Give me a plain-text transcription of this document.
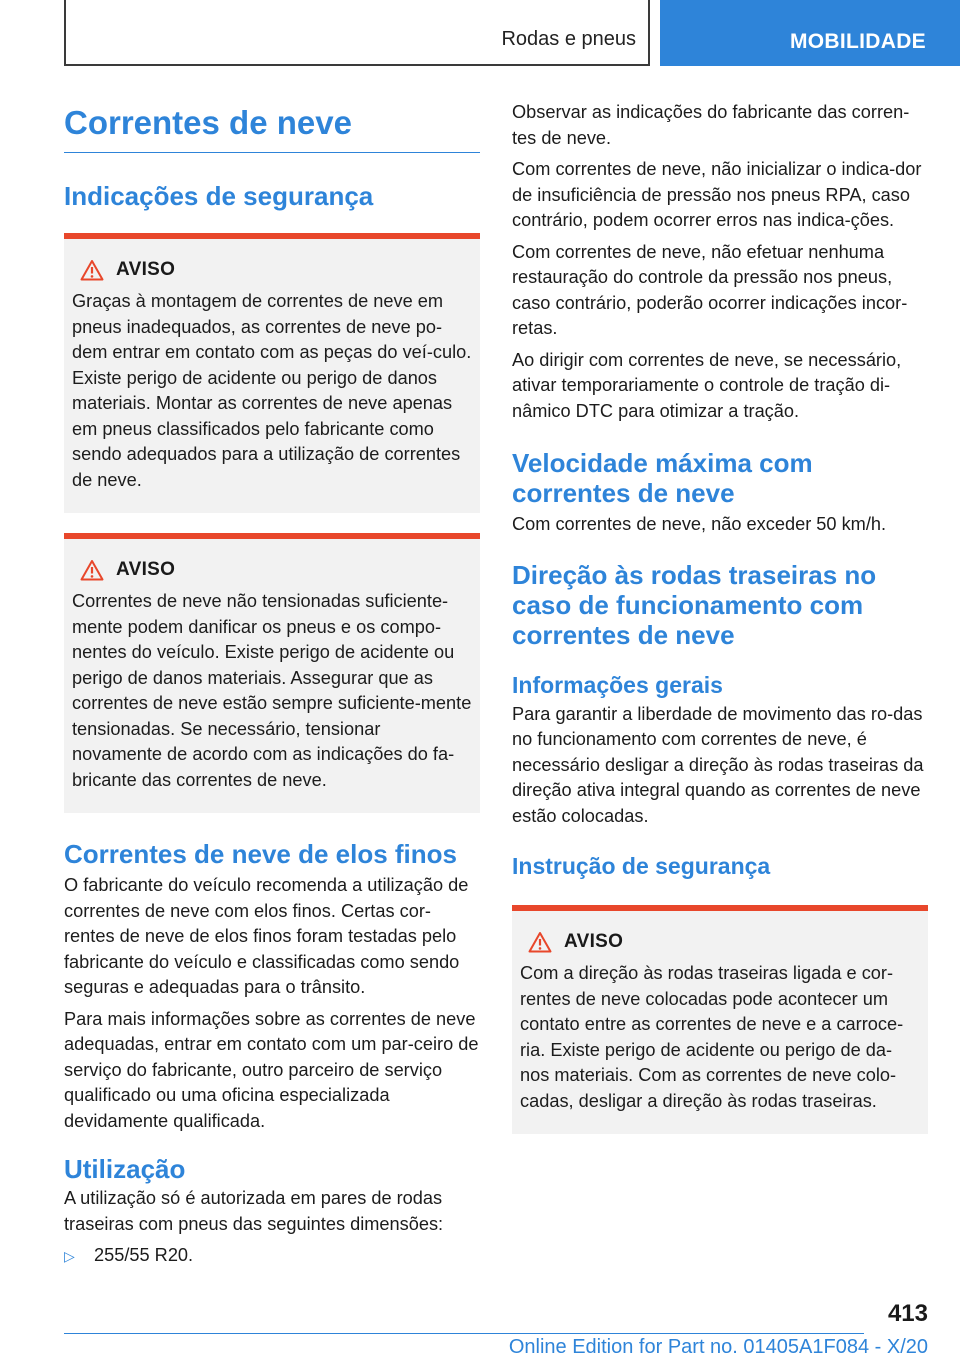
Rodas e pneus	MOBILIDADE
Correntes de neve
Indicações de segurança
AVISO

Graças à montagem de correntes de neve em pneus inadequados, as correntes de neve po-dem entrar em contato com as peças do veí-culo. Existe perigo de acidente ou perigo de danos materiais. Montar as correntes de neve apenas em pneus classificados pelo fabricante como sendo adequados para a utilização de correntes de neve.

AVISO

Correntes de neve não tensionadas suficiente-mente podem danificar os pneus e os compo-nentes do veículo. Existe perigo de acidente ou perigo de danos materiais. Assegurar que as correntes de neve estão sempre suficiente-mente tensionadas. Se necessário, tensionar novamente de acordo com as indicações do fa-bricante das correntes de neve.

Correntes de neve de elos finos

O fabricante do veículo recomenda a utilização de correntes de neve com elos finos. Certas cor-rentes de neve de elos finos foram testadas pelo fabricante do veículo e classificadas como sendo seguras e adequadas para o trânsito.

Para mais informações sobre as correntes de neve adequadas, entrar em contato com um par-ceiro de serviço do fabricante, outro parceiro de serviço qualificado ou uma oficina especializada devidamente qualificada.

Utilização

A utilização só é autorizada em pares de rodas traseiras com pneus das seguintes dimensões:

▷	255/55 R20.

Observar as indicações do fabricante das corren-tes de neve.

Com correntes de neve, não inicializar o indica-dor de insuficiência de pressão nos pneus RPA, caso contrário, podem ocorrer erros nas indica-ções.

Com correntes de neve, não efetuar nenhuma restauração do controle da pressão nos pneus, caso contrário, poderão ocorrer indicações incor-retas.

Ao dirigir com correntes de neve, se necessário, ativar temporariamente o controle de tração di-nâmico DTC para otimizar a tração.

Velocidade máxima com correntes de neve

Com correntes de neve, não exceder 50 km/h.

Direção às rodas traseiras no caso de funcionamento com correntes de neve
Informações gerais

Para garantir a liberdade de movimento das ro-das no funcionamento com correntes de neve, é necessário desligar a direção às rodas traseiras da direção ativa integral quando as correntes de neve estão colocadas.

Instrução de segurança
AVISO

Com a direção às rodas traseiras ligada e cor-rentes de neve colocadas pode acontecer um contato entre as correntes de neve e a carroce-ria. Existe perigo de acidente ou perigo de da-nos materiais. Com as correntes de neve colo-cadas, desligar a direção às rodas traseiras.

413
Online Edition for Part no. 01405A1F084 - X/20
